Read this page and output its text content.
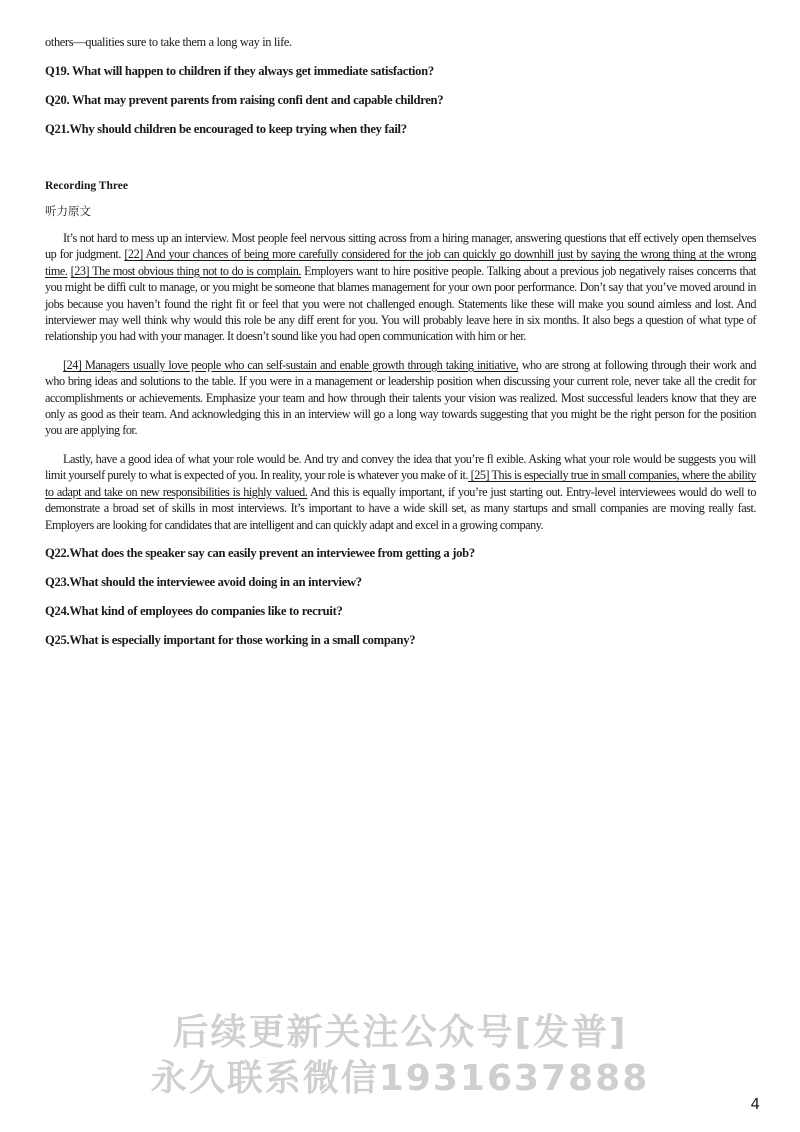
others—qualities sure to take them a long way in life.

Q19. What will happen to children if they always get immediate satisfaction?

Q20. What may prevent parents from raising confi dent and capable children?

Q21.Why should children be encouraged to keep trying when they fail?

Recording Three

听力原文

It’s not hard to mess up an interview. Most people feel nervous sitting across from a hiring manager, answering questions that eff ectively open themselves up for judgment. [22] And your chances of being more carefully considered for the job can quickly go downhill just by saying the wrong thing at the wrong time. [23] The most obvious thing not to do is complain. Employers want to hire positive people. Talking about a previous job negatively raises concerns that you might be diffi cult to manage, or you might be someone that blames management for your own poor performance. Don’t say that you’ve moved around in jobs because you haven’t found the right fit or feel that you were not challenged enough. Statements like these will make you sound aimless and lost. And interviewer may well think why would this role be any diff erent for you. You will probably leave here in six months. It also begs a question of what type of relationship you had with your manager. It doesn’t sound like you had open communication with him or her.

[24] Managers usually love people who can self-sustain and enable growth through taking initiative, who are strong at following through their work and who bring ideas and solutions to the table. If you were in a management or leadership position when discussing your current role, never take all the credit for accomplishments or achievements. Emphasize your team and how through their talents your vision was realized. Most successful leaders know that they are only as good as their team. And acknowledging this in an interview will go a long way towards suggesting that you might be the right person for the position you are applying for.

Lastly, have a good idea of what your role would be. And try and convey the idea that you’re fl exible. Asking what your role would be suggests you will limit yourself purely to what is expected of you. In reality, your role is whatever you make of it. [25] This is especially true in small companies, where the ability to adapt and take on new responsibilities is highly valued. And this is equally important, if you’re just starting out. Entry-level interviewees would do well to demonstrate a broad set of skills in most interviews. It’s important to have a wide skill set, as many startups and small companies are moving really fast. Employers are looking for candidates that are intelligent and can quickly adapt and excel in a growing company.

Q22.What does the speaker say can easily prevent an interviewee from getting a job?

Q23.What should the interviewee avoid doing in an interview?

Q24.What kind of employees do companies like to recruit?

Q25.What is especially important for those working in a small company?

后续更新关注公众号[发普]
永久联系微信1931637888
4
